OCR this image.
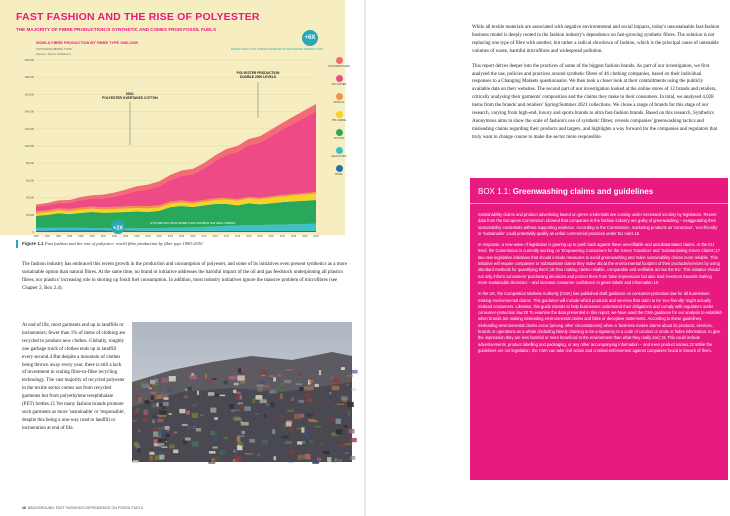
FAST FASHION AND THE RISE OF POLYESTER
THE MAJORITY OF FIBRE PRODUCTION IS SYNTHETIC AND COMES FROM FOSSIL FUELS
WORLD FIBRE PRODUCTION BY FIBRE TYPE 1980-2030
THOUSAND METRIC TONS
(Source: Tecnon OrbiChem)
MORE THAN A SIX TIMES INCREASE IN POLYESTER PRODUCTION
+6X
200,000
180,000
160,000
140,000
120,000
100,000
80,000
60,000
40,000
20,000
0
1980 1982 1984 1986 1988 1990 1992 1994 1996 1998 2000 2002 2004 2006 2008 2010 2012 2014 2016 2018 2020 2022 2024 2026 2028 2030
2002: POLYESTER OVERTAKES COTTON
POLYESTER PRODUCTION DOUBLE 2000 LEVELS
+2X
SYNTHETICS NOW MORE THAN DOUBLE NATURAL FIBRES
POLYPROPYLENE
POLYESTER
ACRYLIC
POLYAMIDE
COTTON
CELLULOSIC
WOOL
Figure 1.1 Fast fashion and the rise of polyester: world fibre production by fibre type 1980-2030

The fashion industry has embraced this recent growth in the production and consumption of polyester, and some of its initiatives even present synthetics as a more sustainable option than natural fibres. At the same time, no brand or initiative addresses the harmful impact of the oil and gas feedstock underpinning all plastics fibres, nor plastics' increasing role in shoring up fossil fuel consumption. In addition, most industry initiatives ignore the massive problem of microfibres (see Chapter 2, Box 2.4).

At end of life, most garments end up in landfills or incinerators; fewer than 1% of items of clothing are recycled to produce new clothes. Globally, roughly one garbage truck of clothes ends up in landfill every second.4 But despite a mountain of clothes being thrown away every year, there is still a lack of investment in scaling fibre-to-fibre recycling technology. The vast majority of recycled polyester in the textile sector comes not from recycled garments but from polyethylene terephthalate (PET) bottles.15 Yet many fashion brands promote such garments as more 'sustainable' or 'responsible', despite this being a one-way road to landfill or incineration at end of life.

16 BACKGROUND: FAST FASHION'S DEPENDENCE ON FOSSIL FUELS

While all textile materials are associated with negative environmental and social impacts, today's unsustainable fast-fashion business model is deeply rooted in the fashion industry's dependence on fast-growing synthetic fibres. The solution is not replacing one type of fibre with another, but rather a radical slowdown of fashion, which is the principal cause of untenable volumes of waste, harmful microfibres and widespread pollution.

This report delves deeper into the practices of some of the biggest fashion brands. As part of our investigation, we first analysed the use, policies and practices around synthetic fibres of 46 clothing companies, based on their individual responses to a Changing Markets questionnaire. We then took a closer look at their commitments using the publicly available data on their websites. The second part of our investigation looked at the online stores of 12 brands and retailers, critically analysing their garments' composition and the claims they make to their consumers. In total, we analysed 4,028 items from the brands' and retailers' Spring/Summer 2021 collections. We chose a range of brands for this stage of our research, varying from high-end, luxury and sports brands to ultra fast-fashion brands. Based on this research, Synthetics Anonymous aims to show the scale of fashion's use of synthetic fibres; reveals companies' greenwashing tactics and misleading claims regarding their products and targets, and highlights a way forward for the companies and regulators that truly want to change course to make the sector more responsible.

BOX 1.1: Greenwashing claims and guidelines

Sustainability claims and product advertising based on green credentials are coming under increased scrutiny by legislators. Recent data from the European Commission showed that companies in the fashion industry are guilty of greenwashing – exaggerating their sustainability credentials without supporting evidence. According to the Commission, marketing products as 'conscious', 'eco-friendly' or 'sustainable' could potentially qualify as unfair commercial practices under EU rules.16

In response, a new wave of legislation is gearing up to push back against these unverifiable and unsubstantiated claims. At the EU level, the Commission is currently working on 'Empowering Consumers for the Green Transition' and 'Substantiating Green Claims',17 two new legislative initiatives that should include measures to avoid greenwashing and make sustainability claims more reliable. This initiative will require companies to 'substantiate claims they make about the environmental footprint of their products/services by using standard methods for quantifying them',18 thus making claims reliable, comparable and verifiable across the EU. This initiative should not only inform consumers' purchasing decisions and protect them from false impressions but also lead investors towards making more sustainable decisions – and increase consumer confidence in green labels and information.19

In the UK, the Competition Markets Authority (CMA) has published draft guidance on consumer-protection law for all businesses making environmental claims. This guidance will include which products and services that claim to be 'eco-friendly' might actually mislead consumers. Likewise, this guide intends to help businesses understand their obligations and comply with regulators under consumer-protection law.20 To examine the data presented in this report, we have used the CMA guidance for our analysis to establish when brands are making misleading environmental claims and false or deceptive statements. According to these guidelines, misleading environmental claims occur (among other circumstances) when a 'business makes claims about its products, services, brands or operations as a whole (including falsely claiming to be a signatory to a code of conduct or omits or hides information, to give the impression they are less harmful or more beneficial to the environment than what they really are)'.21 This could include advertisements, product labelling and packaging, or any other accompanying information – and even product names.22 While the guidelines are not legislation, the CMA can take civil action and criminal enforcement against companies found in breach of them.
